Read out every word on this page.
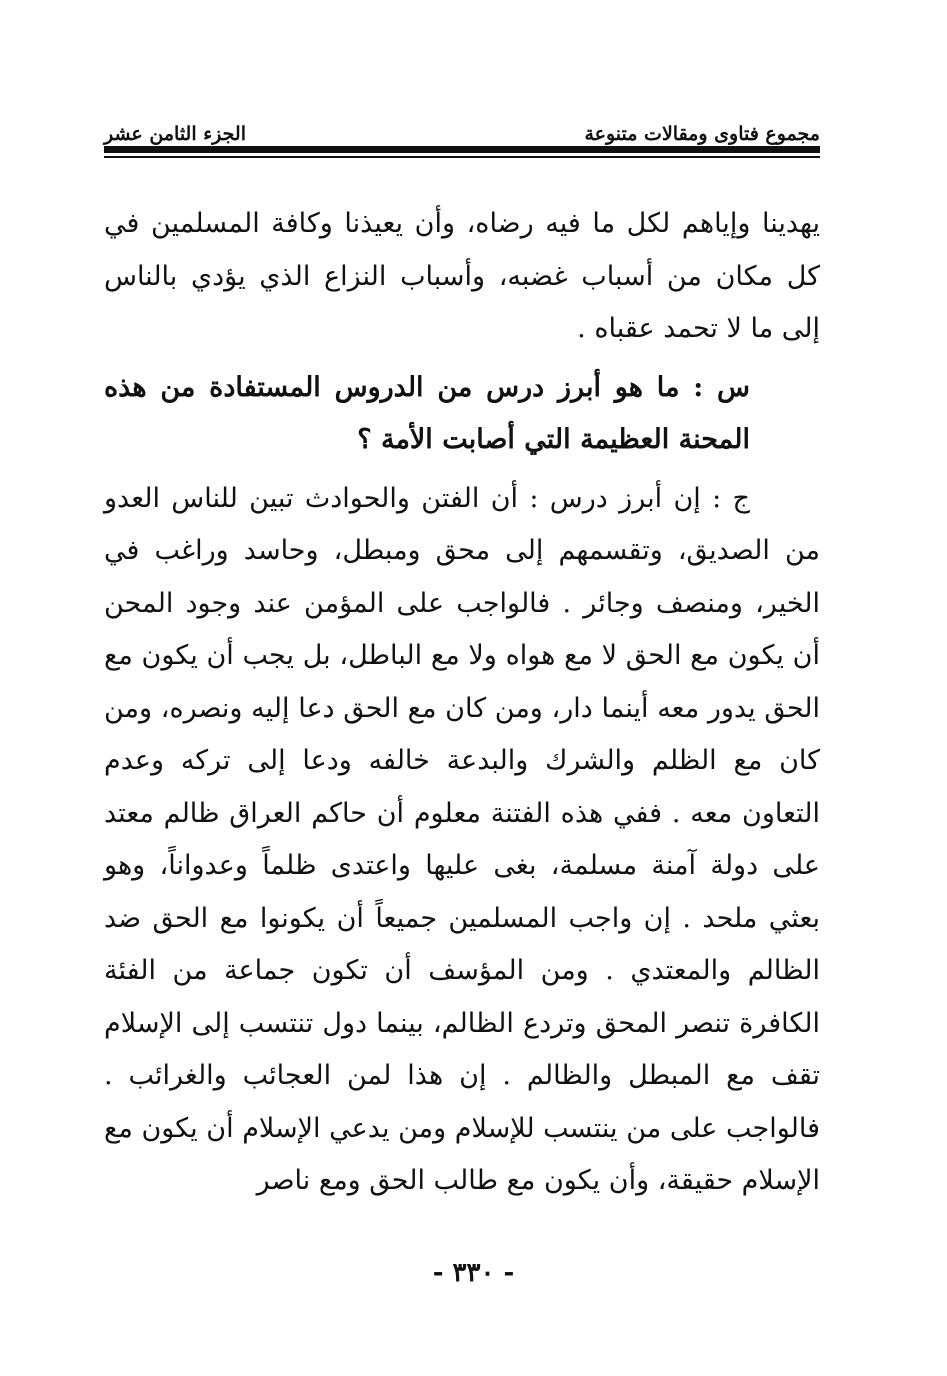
مجموع فتاوى ومقالات متنوعة
الجزء الثامن عشر

يهدينا وإياهم لكل ما فيه رضاه، وأن يعيذنا وكافة المسلمين في كل مكان من أسباب غضبه، وأسباب النزاع الذي يؤدي بالناس إلى ما لا تحمد عقباه .

س : ما هو أبرز درس من الدروس المستفادة من هذه المحنة العظيمة التي أصابت الأمة ؟

ج : إن أبرز درس : أن الفتن والحوادث تبين للناس العدو من الصديق، وتقسمهم إلى محق ومبطل، وحاسد وراغب في الخير، ومنصف وجائر . فالواجب على المؤمن عند وجود المحن أن يكون مع الحق لا مع هواه ولا مع الباطل، بل يجب أن يكون مع الحق يدور معه أينما دار، ومن كان مع الحق دعا إليه ونصره، ومن كان مع الظلم والشرك والبدعة خالفه ودعا إلى تركه وعدم التعاون معه . ففي هذه الفتنة معلوم أن حاكم العراق ظالم معتد على دولة آمنة مسلمة، بغى عليها واعتدى ظلماً وعدواناً، وهو بعثي ملحد . إن واجب المسلمين جميعاً أن يكونوا مع الحق ضد الظالم والمعتدي . ومن المؤسف أن تكون جماعة من الفئة الكافرة تنصر المحق وتردع الظالم، بينما دول تنتسب إلى الإسلام تقف مع المبطل والظالم . إن هذا لمن العجائب والغرائب . فالواجب على من ينتسب للإسلام ومن يدعي الإسلام أن يكون مع الإسلام حقيقة، وأن يكون مع طالب الحق ومع ناصر

- ٣٣٠ -
